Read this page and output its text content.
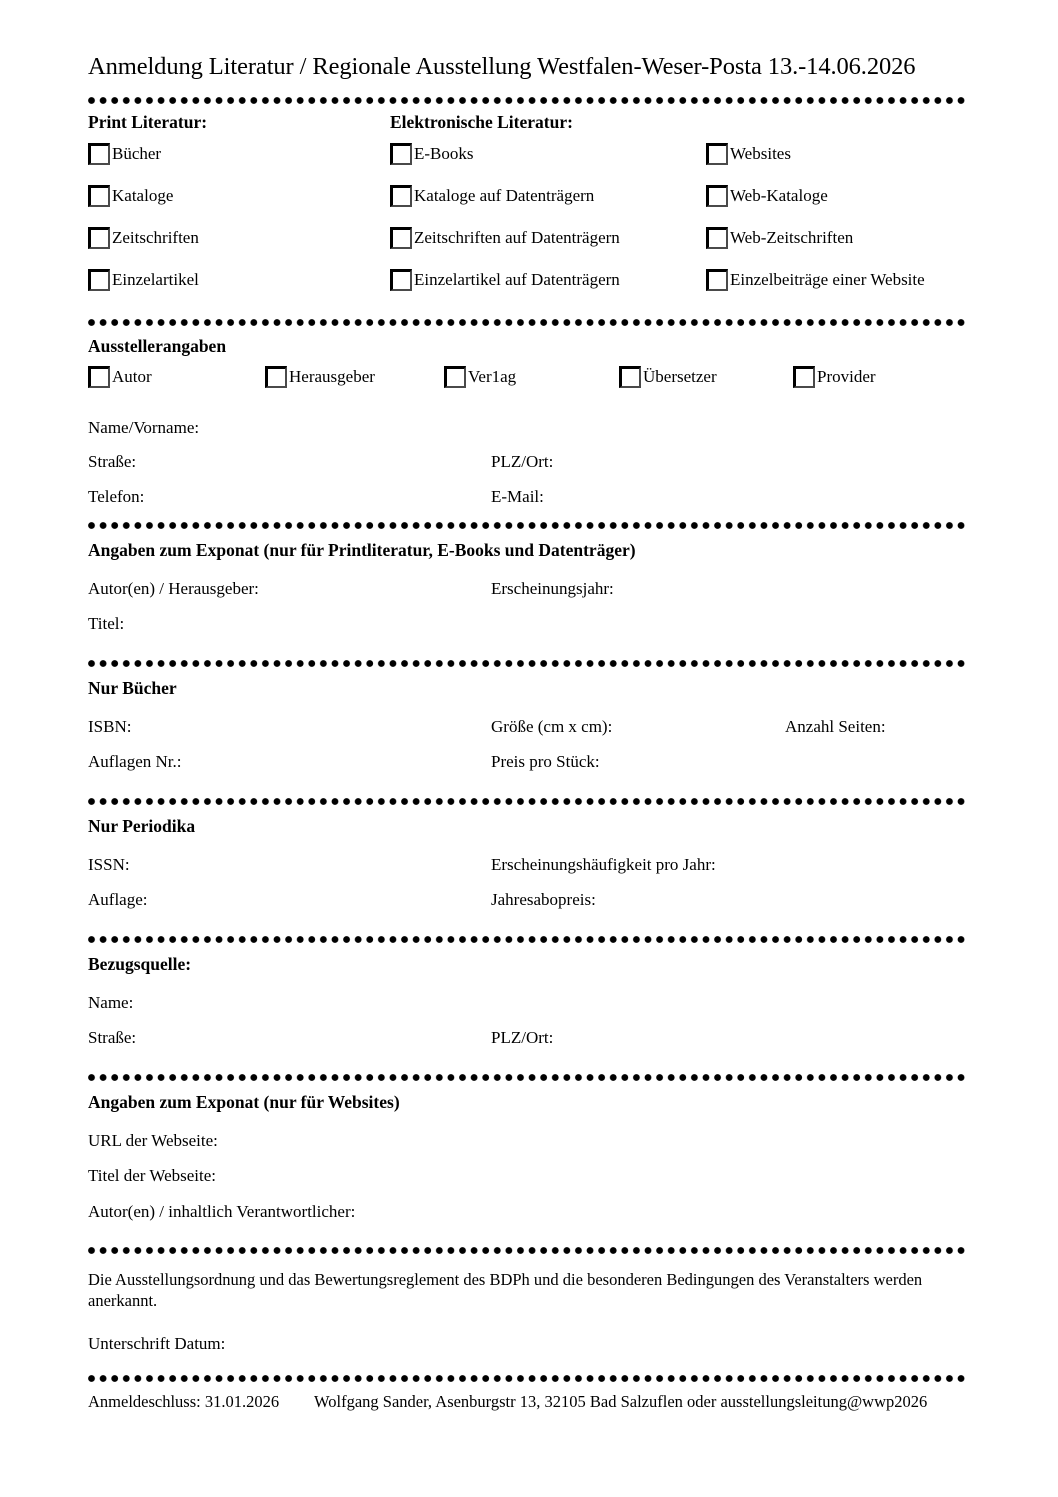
Anmeldung Literatur / Regionale Ausstellung Westfalen-Weser-Posta 13.-14.06.2026
Print Literatur:	Elektronische Literatur:
Bücher	E-Books	Websites
Kataloge	Kataloge auf Datenträgern	Web-Kataloge
Zeitschriften	Zeitschriften auf Datenträgern	Web-Zeitschriften
Einzelartikel	Einzelartikel auf Datenträgern	Einzelbeiträge einer Website
Ausstellerangaben
Autor	Herausgeber	Ver1ag	Übersetzer	Provider
Name/Vorname:
Straße:	PLZ/Ort:
Telefon:	E-Mail:
Angaben zum Exponat (nur für Printliteratur, E-Books und Datenträger)
Autor(en) / Herausgeber:	Erscheinungsjahr:
Titel:
Nur Bücher
ISBN:	Größe (cm x cm):	Anzahl Seiten:
Auflagen Nr.:	Preis pro Stück:
Nur Periodika
ISSN:	Erscheinungshäufigkeit pro Jahr:
Auflage:	Jahresabopreis:
Bezugsquelle:
Name:
Straße:	PLZ/Ort:
Angaben zum Exponat (nur für Websites)
URL der Webseite:
Titel der Webseite:
Autor(en) / inhaltlich Verantwortlicher:
Die Ausstellungsordnung und das Bewertungsreglement des BDPh und die besonderen Bedingungen des Veranstalters werden anerkannt.
Unterschrift Datum:
Anmeldeschluss: 31.01.2026 Wolfgang Sander, Asenburgstr 13, 32105 Bad Salzuflen oder ausstellungsleitung@wwp2026
